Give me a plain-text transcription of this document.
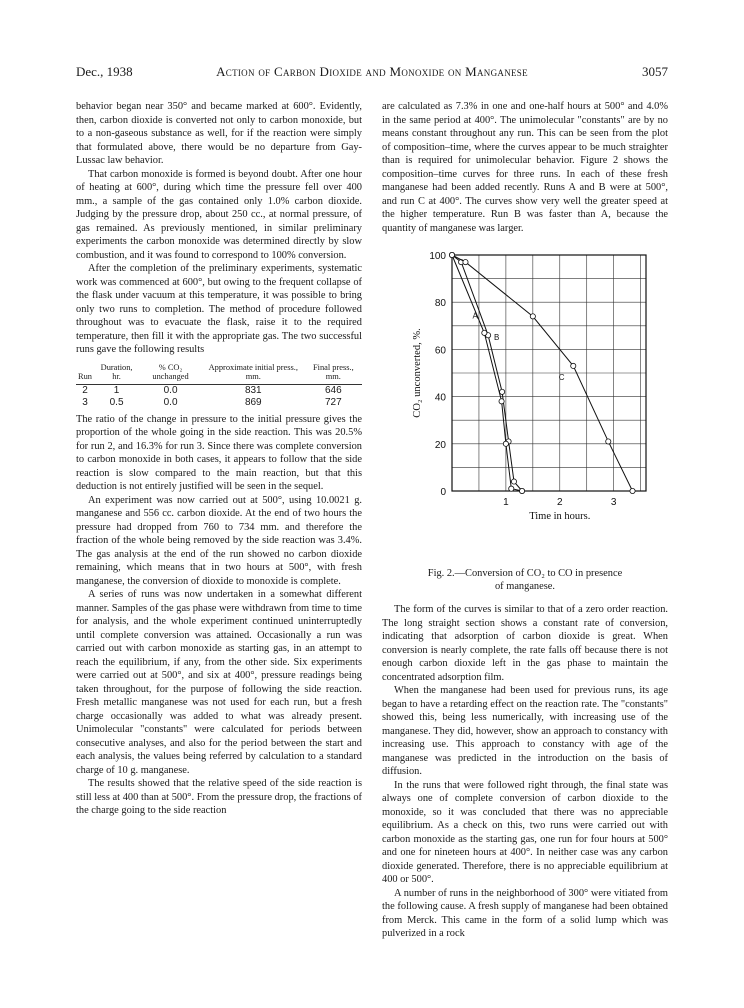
Dec., 1938	Action of Carbon Dioxide and Monoxide on Manganese	3057

behavior began near 350° and became marked at 600°. Evidently, then, carbon dioxide is converted not only to carbon monoxide, but to a non-gaseous substance as well, for if the reaction were simply that formulated above, there would be no departure from Gay-Lussac law behavior.

That carbon monoxide is formed is beyond doubt. After one hour of heating at 600°, during which time the pressure fell over 400 mm., a sample of the gas contained only 1.0% carbon dioxide. Judging by the pressure drop, about 250 cc., at normal pressure, of gas remained. As previously mentioned, in similar preliminary experiments the carbon monoxide was determined directly by slow combustion, and it was found to correspond to 100% conversion.

After the completion of the preliminary experiments, systematic work was commenced at 600°, but owing to the frequent collapse of the flask under vacuum at this temperature, it was possible to bring only two runs to completion. The method of procedure followed throughout was to evacuate the flask, raise it to the required temperature, then fill it with the appropriate gas. The two successful runs gave the following results

Run	Duration, hr.	% CO₂ unchanged	Approximate initial press., mm.	Final press., mm.
2	1	0.0	831	646
3	0.5	0.0	869	727

The ratio of the change in pressure to the initial pressure gives the proportion of the whole going in the side reaction. This was 20.5% for run 2, and 16.3% for run 3. Since there was complete conversion to carbon monoxide in both cases, it appears to follow that the side reaction is slow compared to the main reaction, but that this deduction is not entirely justified will be seen in the sequel.

An experiment was now carried out at 500°, using 10.0021 g. manganese and 556 cc. carbon dioxide. At the end of two hours the pressure had dropped from 760 to 734 mm. and therefore the fraction of the whole being removed by the side reaction was 3.4%. The gas analysis at the end of the run showed no carbon dioxide remaining, which means that in two hours at 500°, with fresh manganese, the conversion of dioxide to monoxide is complete.

A series of runs was now undertaken in a somewhat different manner. Samples of the gas phase were withdrawn from time to time for analysis, and the whole experiment continued uninterruptedly until complete conversion was attained. Occasionally a run was carried out with carbon monoxide as starting gas, in an attempt to reach the equilibrium, if any, from the other side. Six experiments were carried out at 500°, and six at 400°, pressure readings being taken throughout, for the purpose of following the side reaction. Fresh metallic manganese was not used for each run, but a fresh charge occasionally was added to what was already present. Unimolecular "constants" were calculated for periods between consecutive analyses, and also for the period between the start and each analysis, the values being referred by calculation to a standard charge of 10 g. manganese.

The results showed that the relative speed of the side reaction is still less at 400 than at 500°. From the pressure drop, the fractions of the charge going to the side reaction

are calculated as 7.3% in one and one-half hours at 500° and 4.0% in the same period at 400°. The unimolecular "constants" are by no means constant throughout any run. This can be seen from the plot of composition–time, where the curves appear to be much straighter than is required for unimolecular behavior. Figure 2 shows the composition–time curves for three runs. In each of these fresh manganese had been added recently. Runs A and B were at 500°, and run C at 400°. The curves show very well the greater speed at the higher temperature. Run B was faster than A, because the quantity of manganese was larger.

0
20
40
60
80
100
1	2	3
Time in hours.
CO₂ unconverted, %.
A
B
C
Fig. 2.—Conversion of CO₂ to CO in presence
of manganese.

The form of the curves is similar to that of a zero order reaction. The long straight section shows a constant rate of conversion, indicating that adsorption of carbon dioxide is great. When conversion is nearly complete, the rate falls off because there is not enough carbon dioxide left in the gas phase to maintain the concentrated adsorption film.

When the manganese had been used for previous runs, its age began to have a retarding effect on the reaction rate. The "constants" showed this, being less numerically, with increasing use of the manganese. They did, however, show an approach to constancy with increasing use. This approach to constancy with age of the manganese was predicted in the introduction on the basis of diffusion.

In the runs that were followed right through, the final state was always one of complete conversion of carbon dioxide to the monoxide, so it was concluded that there was no appreciable equilibrium. As a check on this, two runs were carried out with carbon monoxide as the starting gas, one run for four hours at 500° and one for nineteen hours at 400°. In neither case was any carbon dioxide generated. Therefore, there is no appreciable equilibrium at 400 or 500°.

A number of runs in the neighborhood of 300° were vitiated from the following cause. A fresh supply of manganese had been obtained from Merck. This came in the form of a solid lump which was pulverized in a rock
